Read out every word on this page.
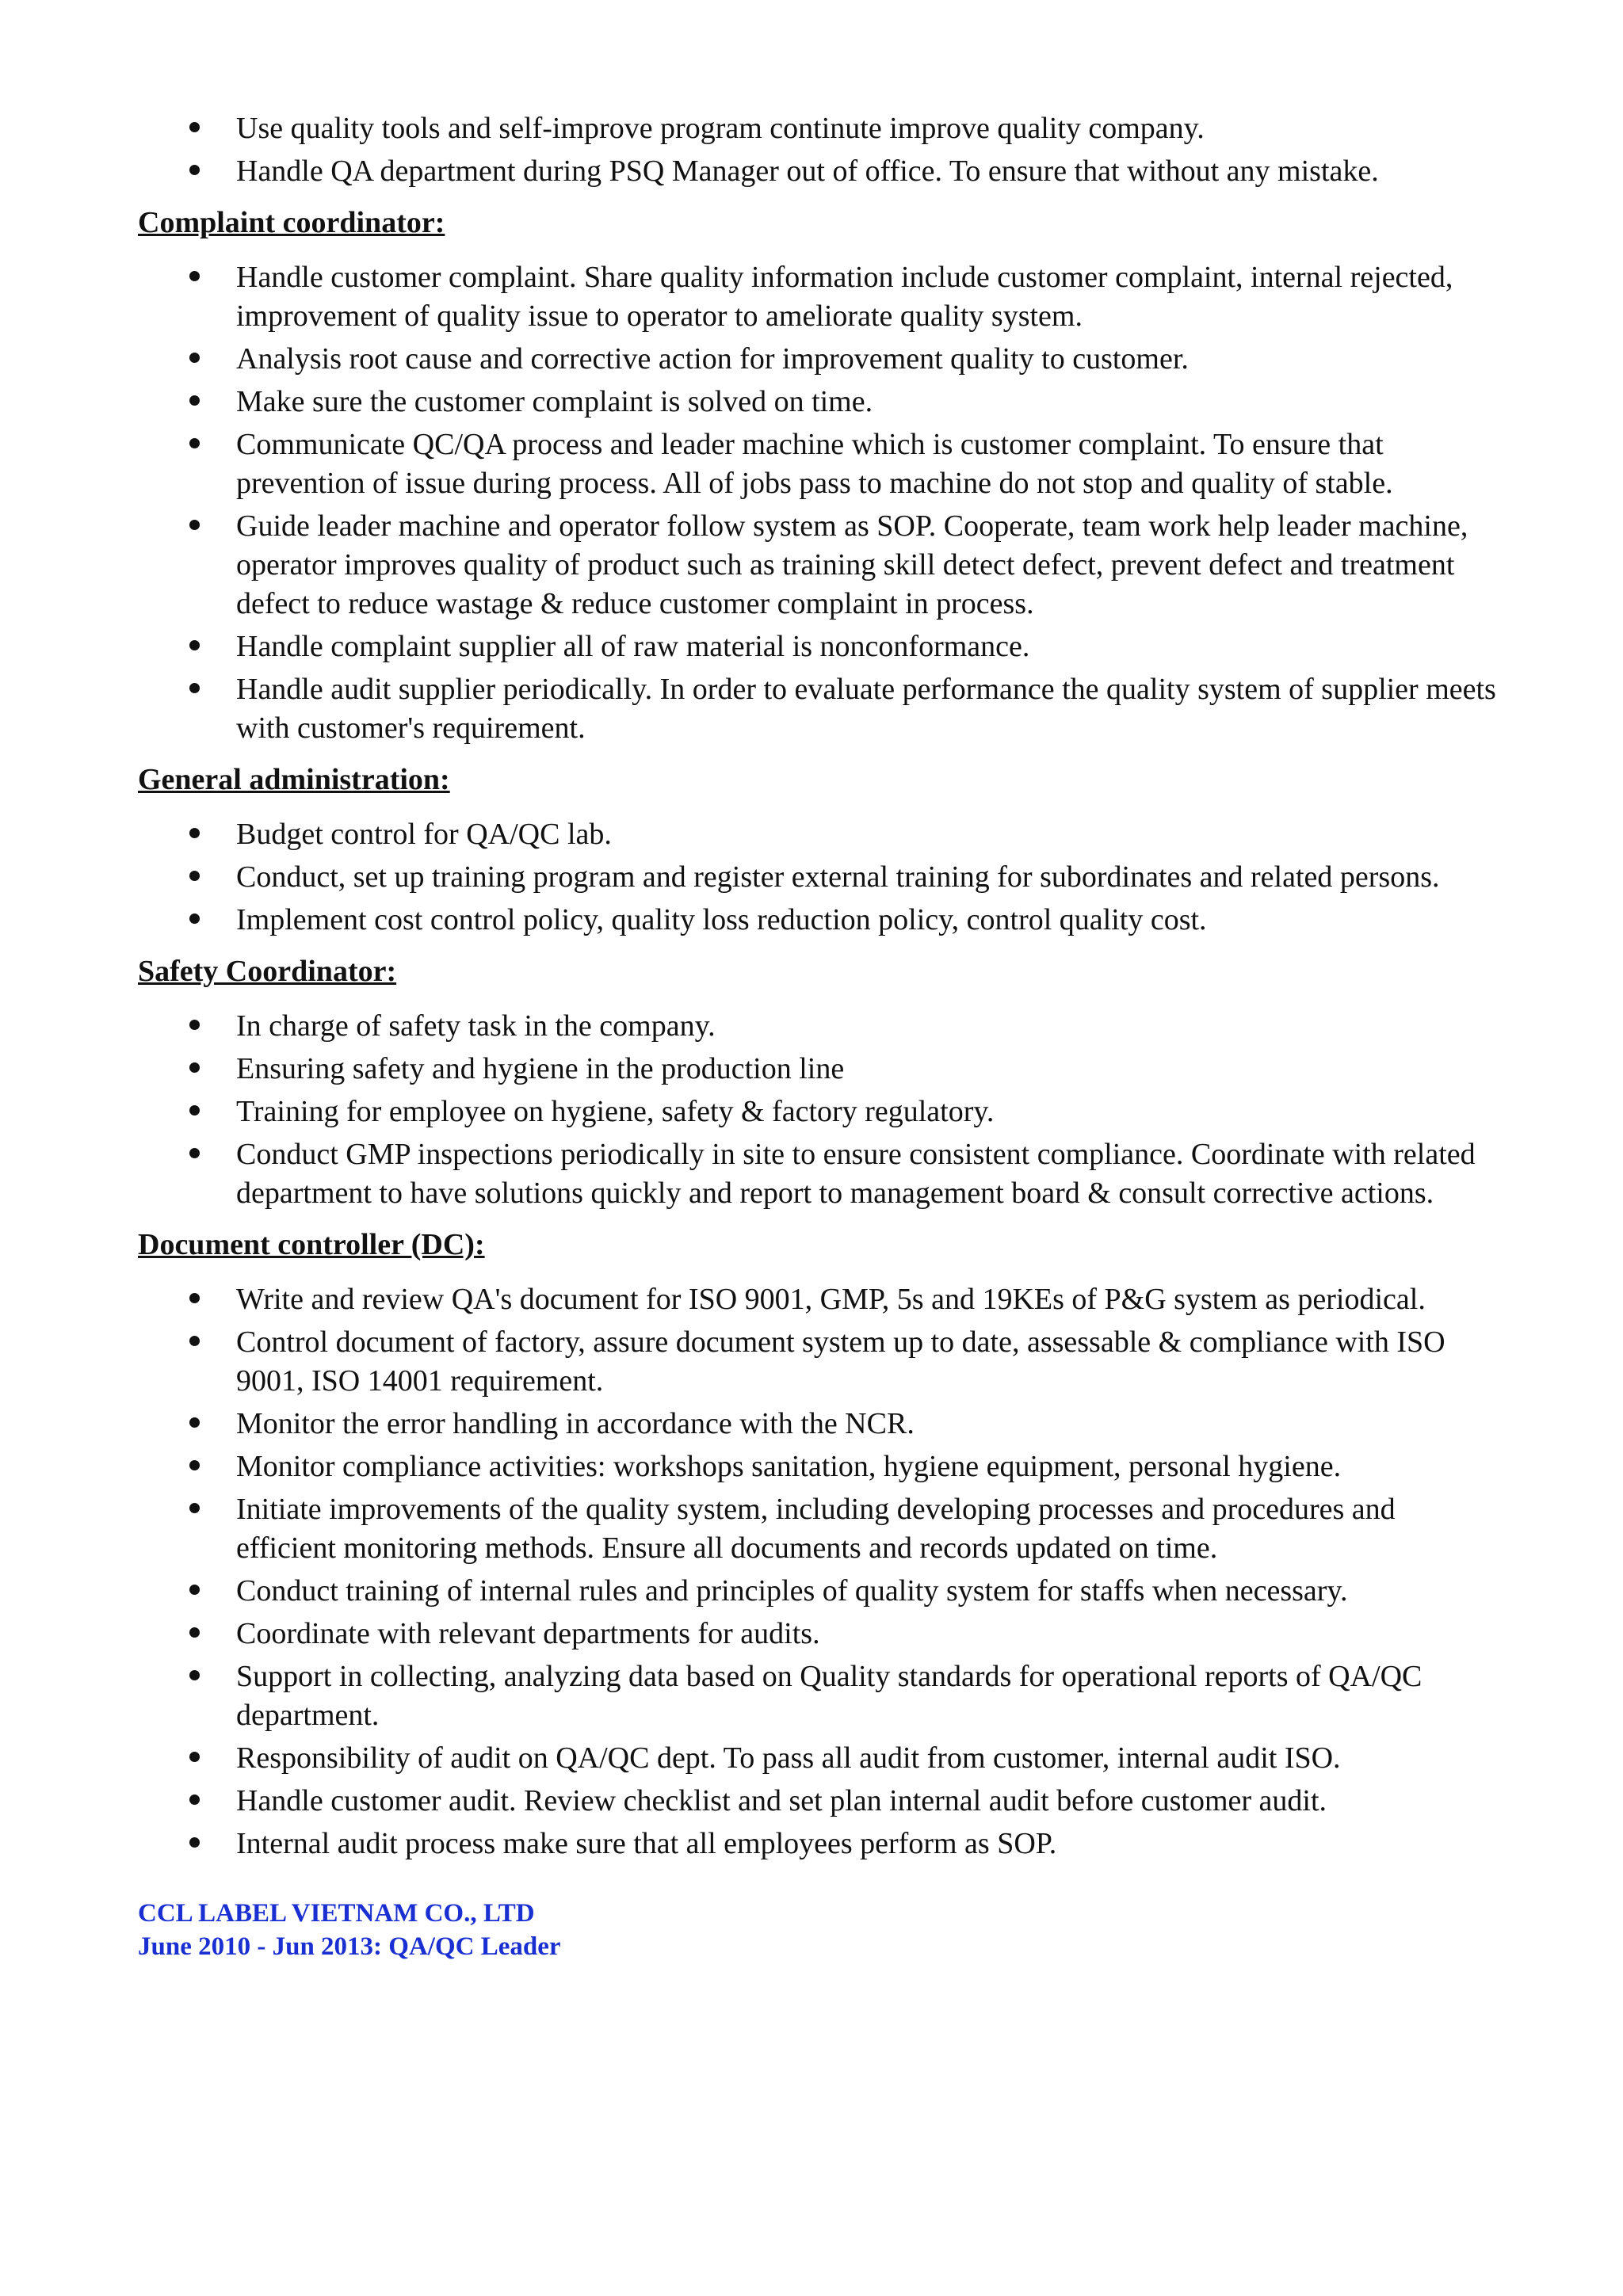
Use quality tools and self-improve program continute improve quality company.
Handle QA department during PSQ Manager out of office. To ensure that without any mistake.
Complaint coordinator:
Handle customer complaint. Share quality information include customer complaint, internal rejected, improvement of quality issue to operator to ameliorate quality system.
Analysis root cause and corrective action for improvement quality to customer.
Make sure the customer complaint is solved on time.
Communicate QC/QA process and leader machine which is customer complaint. To ensure that prevention of issue during process. All of jobs pass to machine do not stop and quality of stable.
Guide leader machine and operator follow system as SOP. Cooperate, team work help leader machine, operator improves quality of product such as training skill detect defect, prevent defect and treatment defect to reduce wastage & reduce customer complaint in process.
Handle complaint supplier all of raw material is nonconformance.
Handle audit supplier periodically. In order to evaluate performance the quality system of supplier meets with customer's requirement.
General administration:
Budget control for QA/QC lab.
Conduct, set up training program and register external training for subordinates and related persons.
Implement cost control policy, quality loss reduction policy, control quality cost.
Safety Coordinator:
In charge of safety task in the company.
Ensuring safety and hygiene in the production line
Training for employee on hygiene, safety & factory regulatory.
Conduct GMP inspections periodically in site to ensure consistent compliance. Coordinate with related department to have solutions quickly and report to management board & consult corrective actions.
Document controller (DC):
Write and review QA's document for ISO 9001, GMP, 5s and 19KEs of P&G system as periodical.
Control document of factory, assure document system up to date, assessable & compliance with ISO 9001, ISO 14001 requirement.
Monitor the error handling in accordance with the NCR.
Monitor compliance activities: workshops sanitation, hygiene equipment, personal hygiene.
Initiate improvements of the quality system, including developing processes and procedures and efficient monitoring methods. Ensure all documents and records updated on time.
Conduct training of internal rules and principles of quality system for staffs when necessary.
Coordinate with relevant departments for audits.
Support in collecting, analyzing data based on Quality standards for operational reports of QA/QC department.
Responsibility of audit on QA/QC dept. To pass all audit from customer, internal audit ISO.
Handle customer audit. Review checklist and set plan internal audit before customer audit.
Internal audit process make sure that all employees perform as SOP.
CCL LABEL VIETNAM CO., LTD
June 2010 - Jun 2013: QA/QC Leader
